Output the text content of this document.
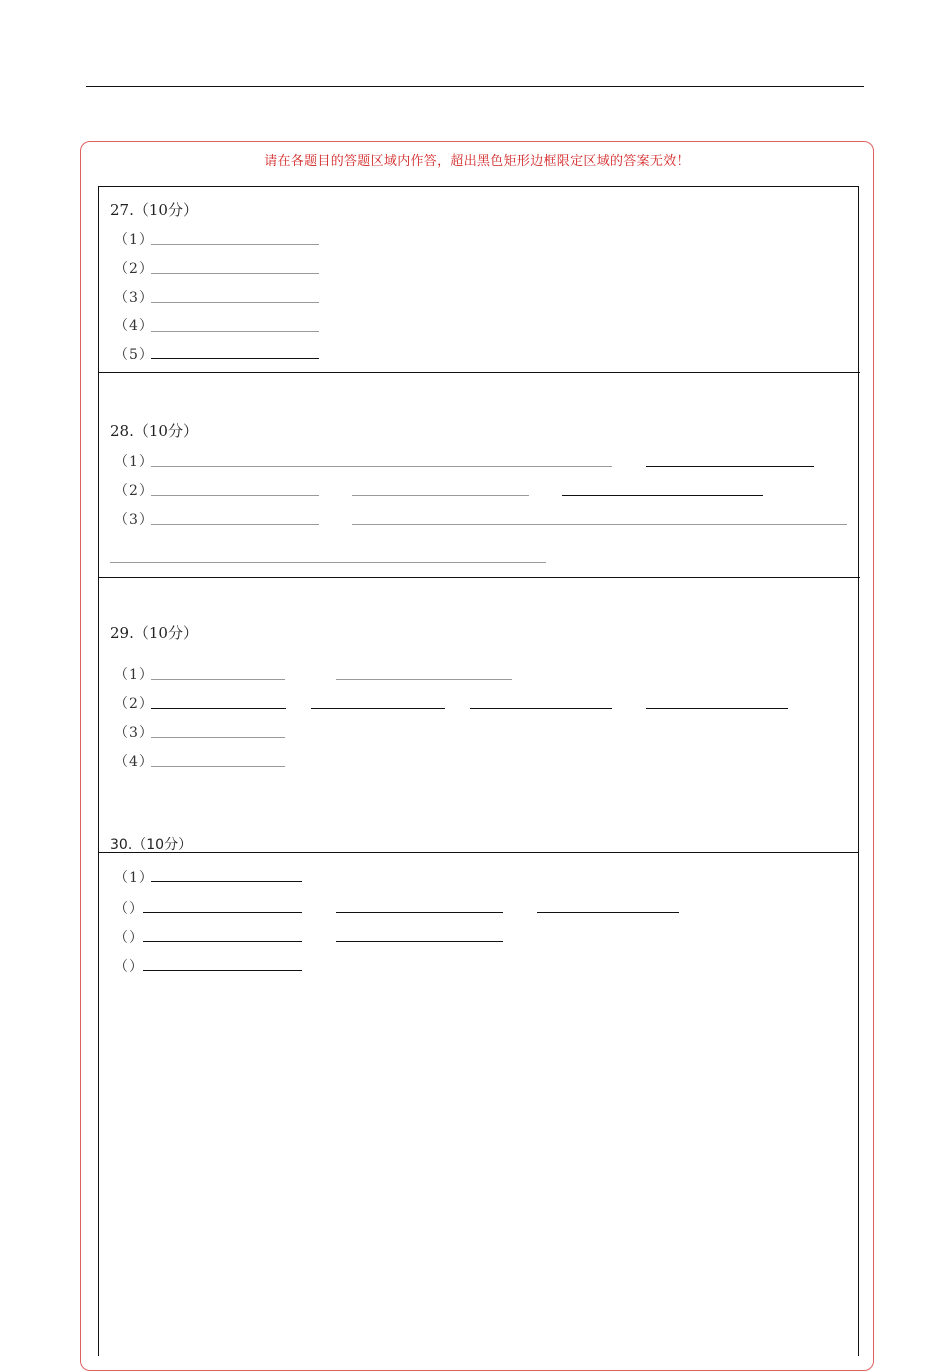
请在各题目的答题区域内作答，超出黑色矩形边框限定区域的答案无效！
27.（10分）
（1）
（2）
（3）
（4）
（5）
28.（10分）
（1）
（2）
（3）
29.（10分）
（1）
（2）
（3）
（4）
30.（10分）
（1）
（）
（）
（）
